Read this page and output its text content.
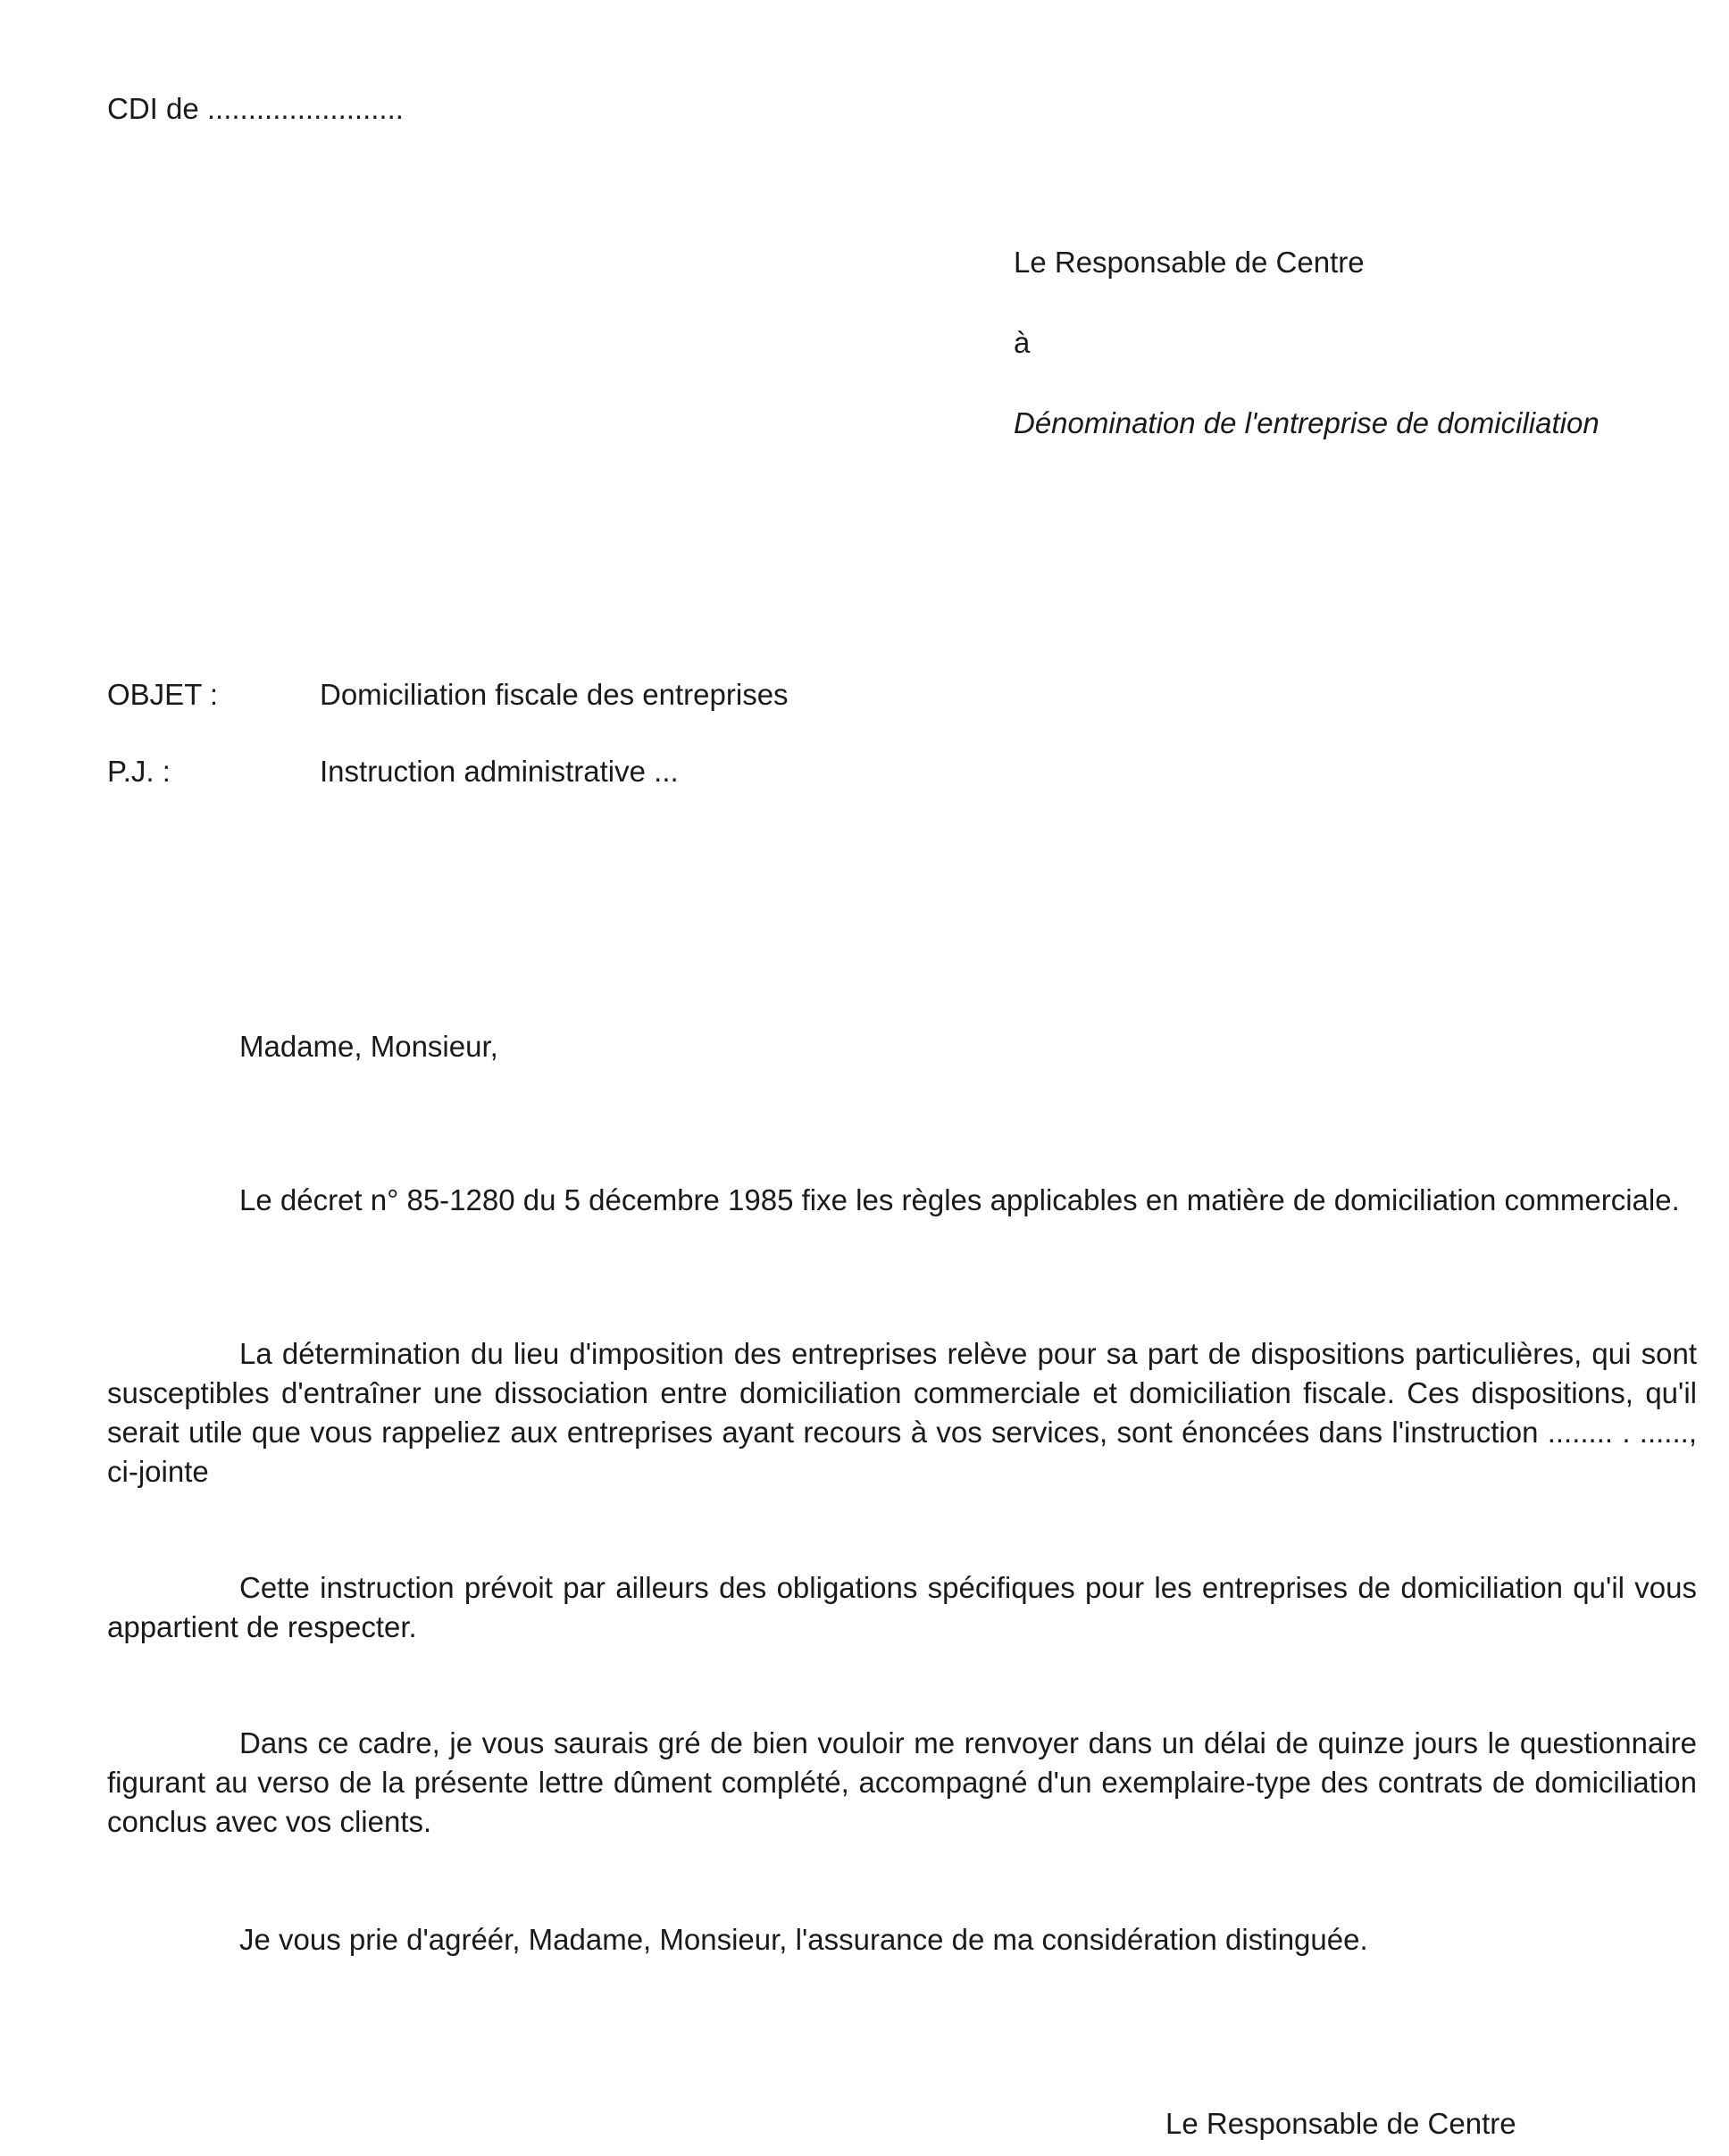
CDI de ........................
Le Responsable de Centre
à
Dénomination de l'entreprise de domiciliation
OBJET :	Domiciliation fiscale des entreprises
P.J. :	Instruction administrative ...
Madame, Monsieur,
Le décret n° 85-1280 du 5 décembre 1985 fixe les règles applicables en matière de domiciliation commerciale.
La détermination du lieu d'imposition des entreprises relève pour sa part de dispositions particulières, qui sont susceptibles d'entraîner une dissociation entre domiciliation commerciale et domiciliation fiscale. Ces dispositions, qu'il serait utile que vous rappeliez aux entreprises ayant recours à vos services, sont énoncées dans l'instruction ........ . ......, ci-jointe
Cette instruction prévoit par ailleurs des obligations spécifiques pour les entreprises de domiciliation qu'il vous appartient de respecter.
Dans ce cadre, je vous saurais gré de bien vouloir me renvoyer dans un délai de quinze jours le questionnaire figurant au verso de la présente lettre dûment complété, accompagné d'un exemplaire-type des contrats de domiciliation conclus avec vos clients.
Je vous prie d'agréér, Madame, Monsieur, l'assurance de ma considération distinguée.
Le Responsable de Centre
